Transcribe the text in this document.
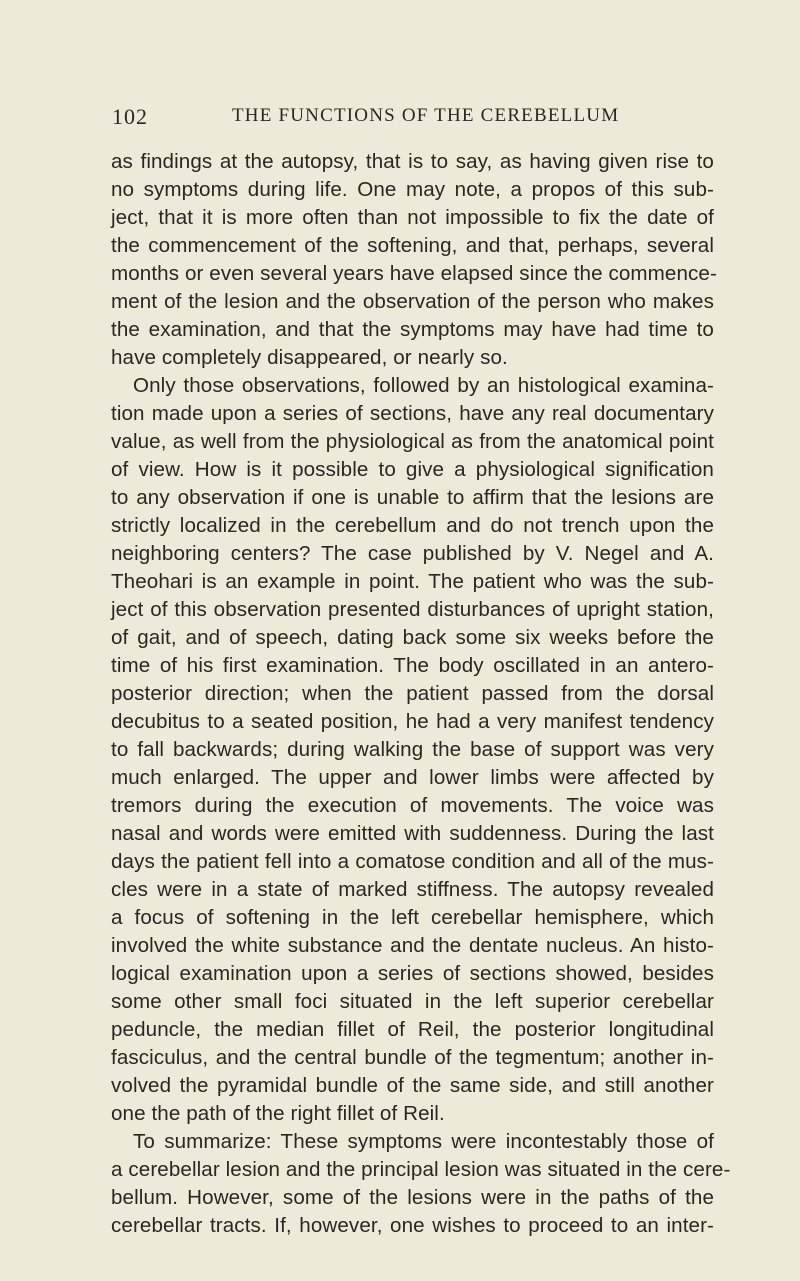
102	THE FUNCTIONS OF THE CEREBELLUM
as findings at the autopsy, that is to say, as having given rise to
no symptoms during life. One may note, a propos of this sub-
ject, that it is more often than not impossible to fix the date of
the commencement of the softening, and that, perhaps, several
months or even several years have elapsed since the commence-
ment of the lesion and the observation of the person who makes
the examination, and that the symptoms may have had time to
have completely disappeared, or nearly so.
Only those observations, followed by an histological examina-
tion made upon a series of sections, have any real documentary
value, as well from the physiological as from the anatomical point
of view. How is it possible to give a physiological signification
to any observation if one is unable to affirm that the lesions are
strictly localized in the cerebellum and do not trench upon the
neighboring centers? The case published by V. Negel and A.
Theohari is an example in point. The patient who was the sub-
ject of this observation presented disturbances of upright station,
of gait, and of speech, dating back some six weeks before the
time of his first examination. The body oscillated in an antero-
posterior direction; when the patient passed from the dorsal
decubitus to a seated position, he had a very manifest tendency
to fall backwards; during walking the base of support was very
much enlarged. The upper and lower limbs were affected by
tremors during the execution of movements. The voice was
nasal and words were emitted with suddenness. During the last
days the patient fell into a comatose condition and all of the mus-
cles were in a state of marked stiffness. The autopsy revealed
a focus of softening in the left cerebellar hemisphere, which
involved the white substance and the dentate nucleus. An histo-
logical examination upon a series of sections showed, besides
some other small foci situated in the left superior cerebellar
peduncle, the median fillet of Reil, the posterior longitudinal
fasciculus, and the central bundle of the tegmentum; another in-
volved the pyramidal bundle of the same side, and still another
one the path of the right fillet of Reil.
To summarize: These symptoms were incontestably those of
a cerebellar lesion and the principal lesion was situated in the cere-
bellum. However, some of the lesions were in the paths of the
cerebellar tracts. If, however, one wishes to proceed to an inter-
